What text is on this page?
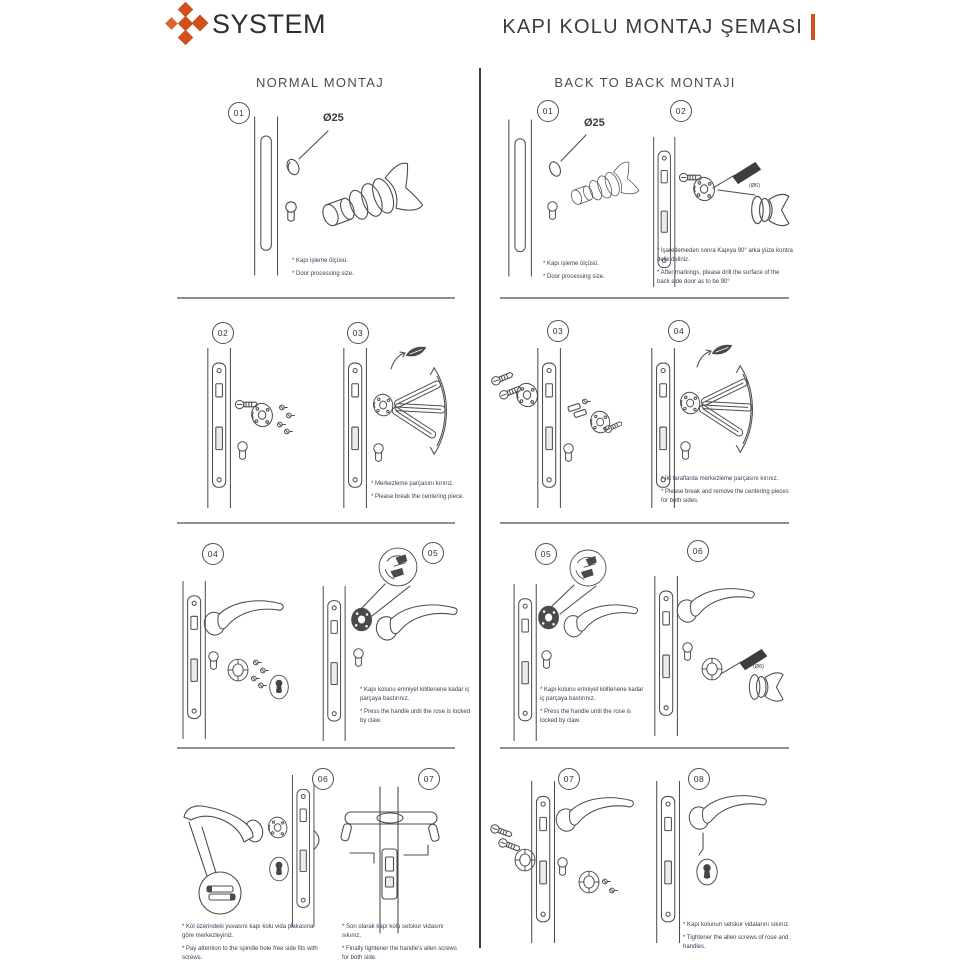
SYSTEM	KAPI KOLU MONTAJ ŞEMASI
NORMAL MONTAJ	BACK TO BACK MONTAJI
01	Ø25
* Kapı işleme ölçüsü.
* Door processing size.
02	03
* Merkezleme parçasını kırınız.
* Please break the centering piece.
04	05
* Kapı kolunu emniyet kilitlenene kadar iç parçaya bastırınız.
* Press the handle until the rose is locked by claw.
06
* Kol üzerindeki yuvasını kapı kolu vida plakasına göre merkezleyiniz.
* Pay attention to the spindle hole free side fits with screws.
07
* Son olarak kapı kolu setskur vidasını sıkınız.
* Finally tightener the handle's allen screws for both side.
01
Ø25
* Kapı işleme ölçüsü.
* Door processing size.
02
(Ø6)
* İşaretlemeden sonra Kapıya 90° arka yüze kontra delik deliniz.
* After markings, please drill the surface of the back side door as to be 90°
03	04
* İki taraflarda merkezleme parçasını kırınız.
* Please break and remove the centering pieces for both sides.
05
* Kapı kolunu emniyet kilitlenene kadar iç parçaya bastırınız.
* Press the handle until the rose is locked by claw.
06
(Ø6)
07	08
* Kapı kolunun setskur vidalarını sıkınız.
* Tightener the allen screws of rose and handles.
